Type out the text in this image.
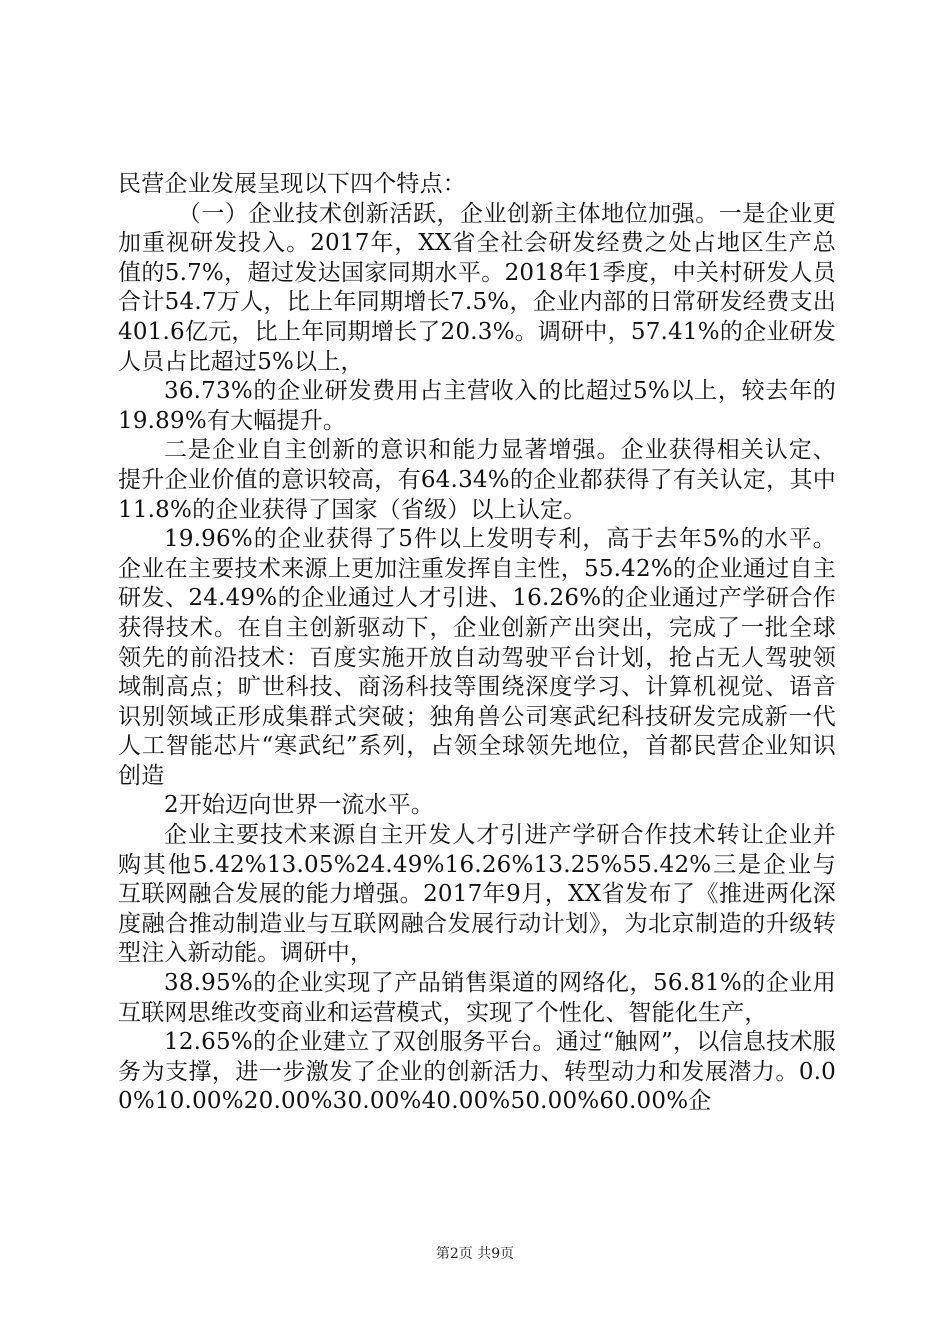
民营企业发展呈现以下四个特点：

（一）企业技术创新活跃，企业创新主体地位加强。一是企业更加重视研发投入。2017年，XX省全社会研发经费之处占地区生产总值的5.7%，超过发达国家同期水平。2018年1季度，中关村研发人员合计54.7万人，比上年同期增长7.5%，企业内部的日常研发经费支出401.6亿元，比上年同期增长了20.3%。调研中，57.41%的企业研发人员占比超过5%以上，

36.73%的企业研发费用占主营收入的比超过5%以上，较去年的19.89%有大幅提升。

二是企业自主创新的意识和能力显著增强。企业获得相关认定、提升企业价值的意识较高，有64.34%的企业都获得了有关认定，其中11.8%的企业获得了国家（省级）以上认定。

19.96%的企业获得了5件以上发明专利，高于去年5%的水平。企业在主要技术来源上更加注重发挥自主性，55.42%的企业通过自主研发、24.49%的企业通过人才引进、16.26%的企业通过产学研合作获得技术。在自主创新驱动下，企业创新产出突出，完成了一批全球领先的前沿技术：百度实施开放自动驾驶平台计划，抢占无人驾驶领域制高点；旷世科技、商汤科技等围绕深度学习、计算机视觉、语音识别领域正形成集群式突破；独角兽公司寒武纪科技研发完成新一代人工智能芯片“寒武纪”系列，占领全球领先地位，首都民营企业知识创造

2开始迈向世界一流水平。

企业主要技术来源自主开发人才引进产学研合作技术转让企业并购其他5.42%13.05%24.49%16.26%13.25%55.42%三是企业与互联网融合发展的能力增强。2017年9月，XX省发布了《推进两化深度融合推动制造业与互联网融合发展行动计划》，为北京制造的升级转型注入新动能。调研中，

38.95%的企业实现了产品销售渠道的网络化，56.81%的企业用互联网思维改变商业和运营模式，实现了个性化、智能化生产，

12.65%的企业建立了双创服务平台。通过“触网”，以信息技术服务为支撑，进一步激发了企业的创新活力、转型动力和发展潜力。0.00%10.00%20.00%30.00%40.00%50.00%60.00%企

第2页 共9页
